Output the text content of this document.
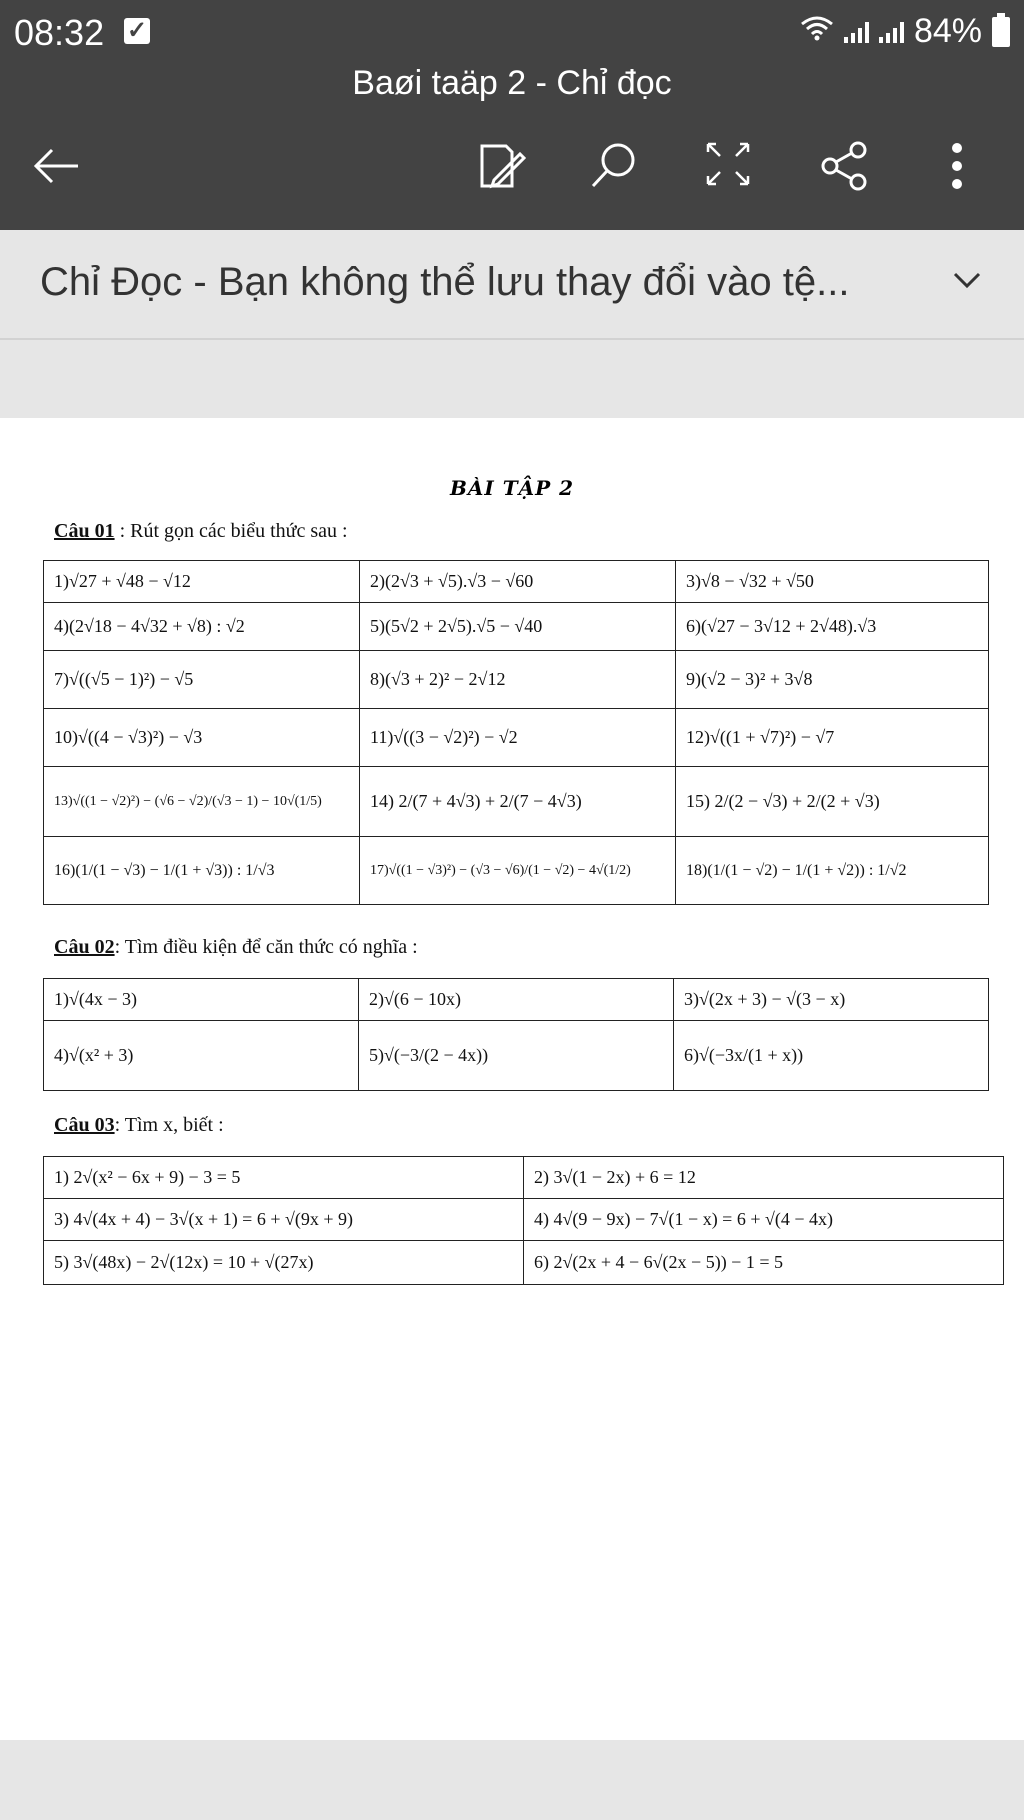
08:32 ✓	84%
Baøi taäp 2 - Chỉ đọc
Chỉ Đọc - Bạn không thể lưu thay đổi vào tệ...
BÀI TẬP 2
Câu 01 : Rút gọn các biểu thức sau :
1)√27 + √48 − √12	2)(2√3 + √5).√3 − √60	3)√8 − √32 + √50
4)(2√18 − 4√32 + √8) : √2	5)(5√2 + 2√5).√5 − √40	6)(√27 − 3√12 + 2√48).√3
7)√((√5 − 1)²) − √5	8)(√3 + 2)² − 2√12	9)(√2 − 3)² + 3√8
10)√((4 − √3)²) − √3	11)√((3 − √2)²) − √2	12)√((1 + √7)²) − √7
13)√((1 − √2)²) − (√6 − √2)/(√3 − 1) − 10√(1/5)	14) 2/(7 + 4√3) + 2/(7 − 4√3)	15) 2/(2 − √3) + 2/(2 + √3)
16)(1/(1 − √3) − 1/(1 + √3)) : 1/√3	17)√((1 − √3)²) − (√3 − √6)/(1 − √2) − 4√(1/2)	18)(1/(1 − √2) − 1/(1 + √2)) : 1/√2
Câu 02: Tìm điều kiện để căn thức có nghĩa :
1)√(4x − 3)	2)√(6 − 10x)	3)√(2x + 3) − √(3 − x)
4)√(x² + 3)	5)√(−3/(2 − 4x))	6)√(−3x/(1 + x))
Câu 03: Tìm x, biết :
1) 2√(x² − 6x + 9) − 3 = 5	2) 3√(1 − 2x) + 6 = 12
3) 4√(4x + 4) − 3√(x + 1) = 6 + √(9x + 9)	4) 4√(9 − 9x) − 7√(1 − x) = 6 + √(4 − 4x)
5) 3√(48x) − 2√(12x) = 10 + √(27x)	6) 2√(2x + 4 − 6√(2x − 5)) − 1 = 5
